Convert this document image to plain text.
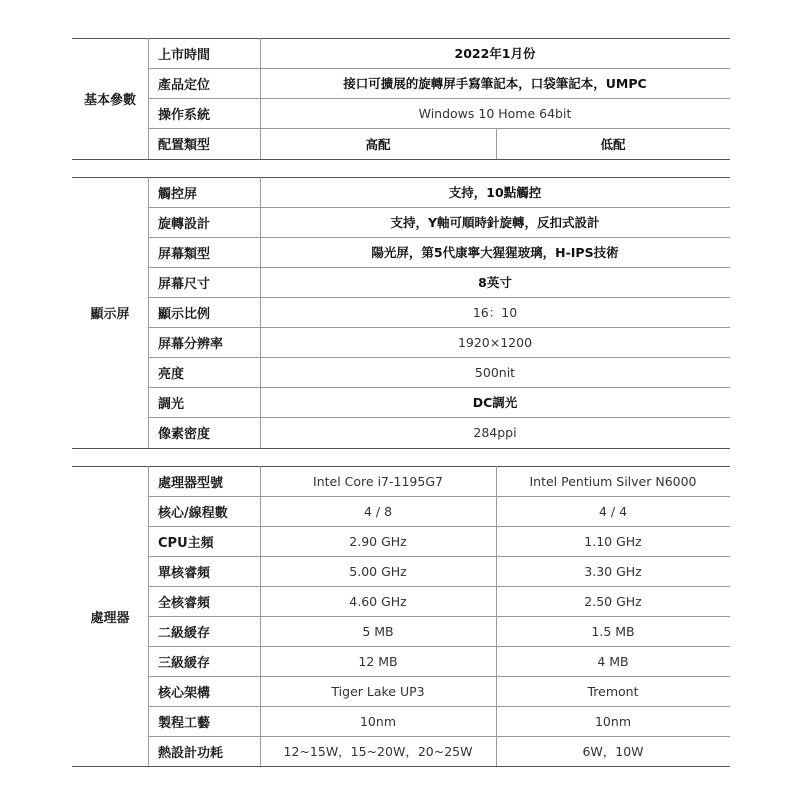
基本參數
上市時間	2022年1月份
產品定位	接口可擴展的旋轉屏手寫筆記本，口袋筆記本，UMPC
操作系統	Windows 10 Home 64bit
配置類型	高配	低配
顯示屏
觸控屏	支持，10點觸控
旋轉設計	支持，Y軸可順時針旋轉，反扣式設計
屏幕類型	陽光屏，第5代康寧大猩猩玻璃，H-IPS技術
屏幕尺寸	8英寸
顯示比例	16：10
屏幕分辨率	1920×1200
亮度	500nit
調光	DC調光
像素密度	284ppi
處理器
處理器型號	Intel Core i7-1195G7	Intel Pentium Silver N6000
核心/線程數	4 / 8	4 / 4
CPU主頻	2.90 GHz	1.10 GHz
單核睿頻	5.00 GHz	3.30 GHz
全核睿頻	4.60 GHz	2.50 GHz
二級緩存	5 MB	1.5 MB
三級緩存	12 MB	4 MB
核心架構	Tiger Lake UP3	Tremont
製程工藝	10nm	10nm
熱設計功耗	12~15W，15~20W，20~25W	6W，10W
